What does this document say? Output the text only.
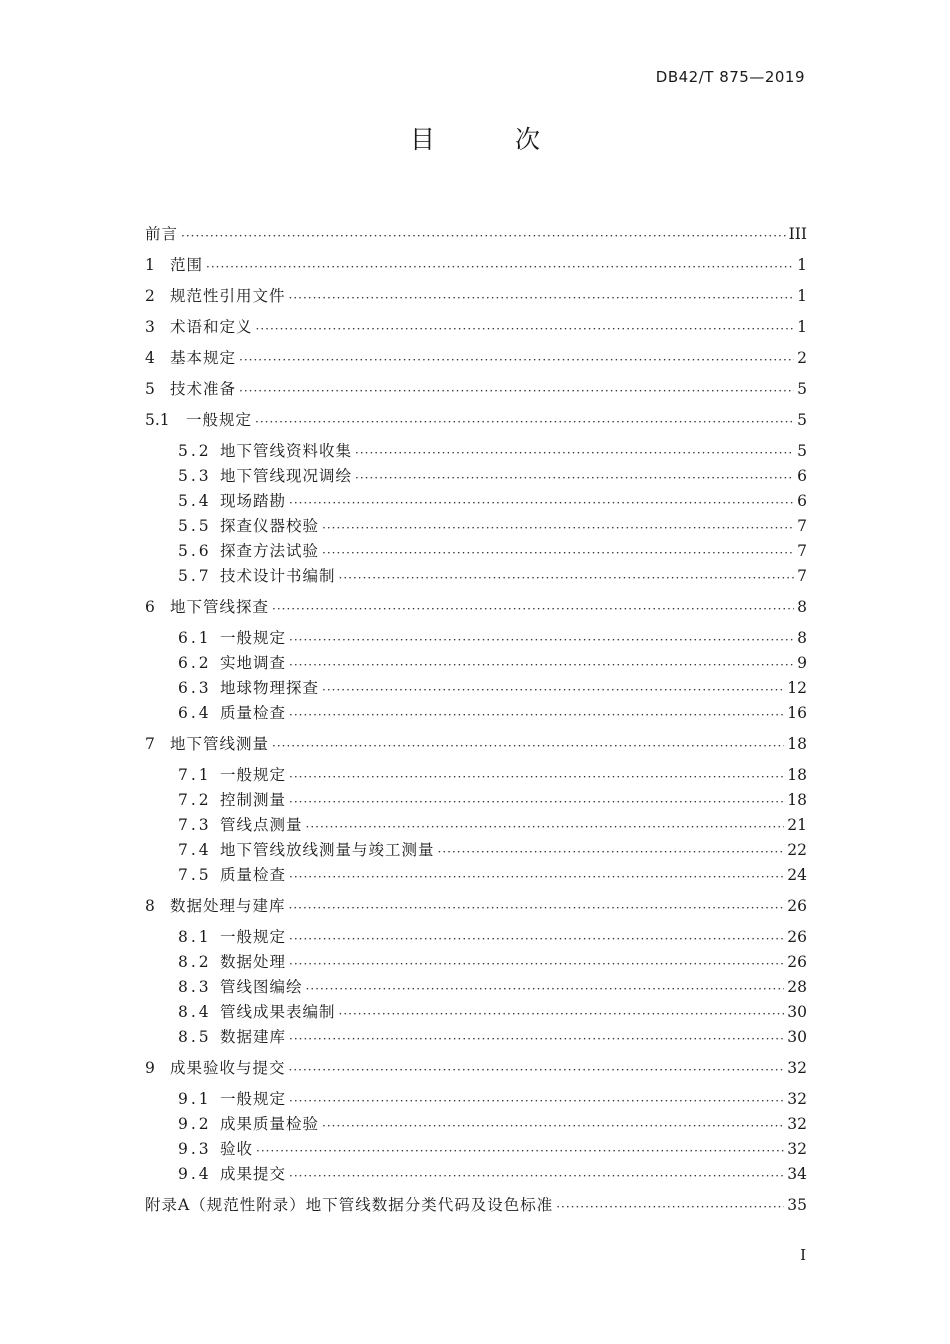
DB42/T 875—2019
目 次
前言 ·····	III
1 范围 ·····	1
2 规范性引用文件 ·····	1
3 术语和定义 ·····	1
4 基本规定 ·····	2
5 技术准备 ·····	5
5.1	一般规定 ·····	5
5.2 地下管线资料收集 ·····	5
5.3 地下管线现况调绘 ·····	6
5.4 现场踏勘 ·····	6
5.5 探查仪器校验 ·····	7
5.6 探查方法试验 ·····	7
5.7 技术设计书编制 ·····	7
6 地下管线探查 ·····	8
6.1 一般规定 ·····	8
6.2 实地调查 ·····	9
6.3 地球物理探查 ·····	12
6.4 质量检查 ·····	16
7 地下管线测量 ·····	18
7.1 一般规定 ·····	18
7.2 控制测量 ·····	18
7.3 管线点测量 ·····	21
7.4 地下管线放线测量与竣工测量 ·····	22
7.5 质量检查 ·····	24
8 数据处理与建库 ·····	26
8.1 一般规定 ·····	26
8.2 数据处理 ·····	26
8.3 管线图编绘 ·····	28
8.4 管线成果表编制 ·····	30
8.5 数据建库 ·····	30
9 成果验收与提交 ·····	32
9.1 一般规定 ·····	32
9.2 成果质量检验 ·····	32
9.3 验收 ·····	32
9.4 成果提交 ·····	34
附录A（规范性附录）地下管线数据分类代码及设色标准 ·····	35
I
